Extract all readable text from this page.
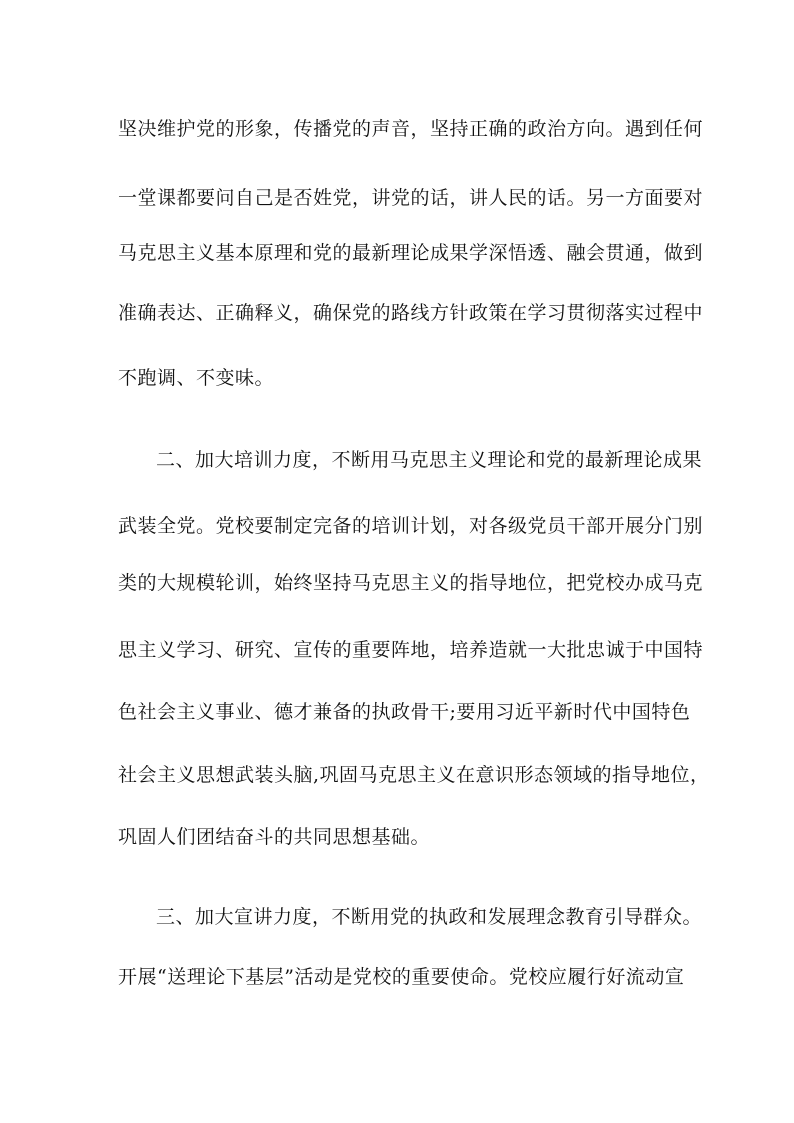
坚决维护党的形象，传播党的声音，坚持正确的政治方向。遇到任何
一堂课都要问自己是否姓党，讲党的话，讲人民的话。另一方面要对
马克思主义基本原理和党的最新理论成果学深悟透、融会贯通，做到
准确表达、正确释义，确保党的路线方针政策在学习贯彻落实过程中
不跑调、不变味。
二、加大培训力度，不断用马克思主义理论和党的最新理论成果
武装全党。党校要制定完备的培训计划，对各级党员干部开展分门别
类的大规模轮训，始终坚持马克思主义的指导地位，把党校办成马克
思主义学习、研究、宣传的重要阵地，培养造就一大批忠诚于中国特
色社会主义事业、德才兼备的执政骨干;要用习近平新时代中国特色
社会主义思想武装头脑,巩固马克思主义在意识形态领域的指导地位，
巩固人们团结奋斗的共同思想基础。
三、加大宣讲力度，不断用党的执政和发展理念教育引导群众。
开展“送理论下基层”活动是党校的重要使命。党校应履行好流动宣
